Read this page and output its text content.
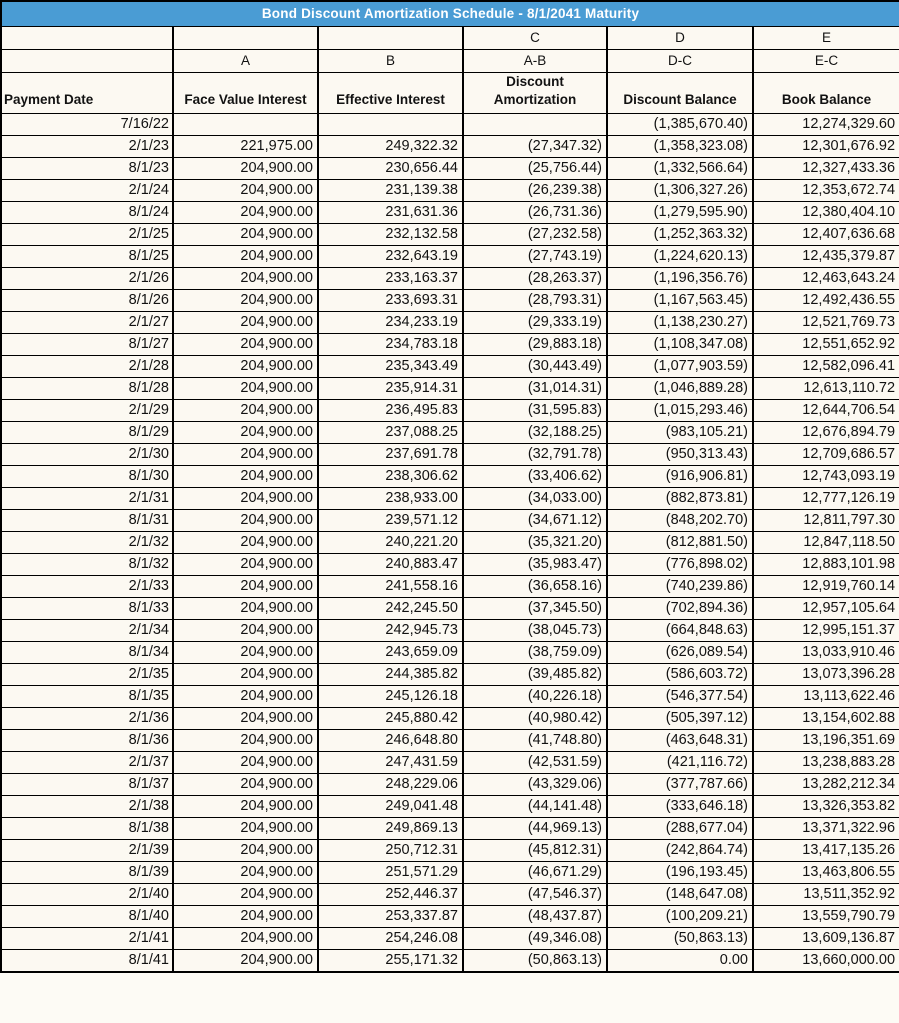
Bond Discount Amortization Schedule - 8/1/2041 Maturity					
			C	D	E
	A	B	A-B	D-C	E-C
Payment Date	Face Value Interest	Effective Interest	Discount Amortization	Discount Balance	Book Balance
7/16/22				(1,385,670.40)	12,274,329.60
2/1/23	221,975.00	249,322.32	(27,347.32)	(1,358,323.08)	12,301,676.92
8/1/23	204,900.00	230,656.44	(25,756.44)	(1,332,566.64)	12,327,433.36
2/1/24	204,900.00	231,139.38	(26,239.38)	(1,306,327.26)	12,353,672.74
8/1/24	204,900.00	231,631.36	(26,731.36)	(1,279,595.90)	12,380,404.10
2/1/25	204,900.00	232,132.58	(27,232.58)	(1,252,363.32)	12,407,636.68
8/1/25	204,900.00	232,643.19	(27,743.19)	(1,224,620.13)	12,435,379.87
2/1/26	204,900.00	233,163.37	(28,263.37)	(1,196,356.76)	12,463,643.24
8/1/26	204,900.00	233,693.31	(28,793.31)	(1,167,563.45)	12,492,436.55
2/1/27	204,900.00	234,233.19	(29,333.19)	(1,138,230.27)	12,521,769.73
8/1/27	204,900.00	234,783.18	(29,883.18)	(1,108,347.08)	12,551,652.92
2/1/28	204,900.00	235,343.49	(30,443.49)	(1,077,903.59)	12,582,096.41
8/1/28	204,900.00	235,914.31	(31,014.31)	(1,046,889.28)	12,613,110.72
2/1/29	204,900.00	236,495.83	(31,595.83)	(1,015,293.46)	12,644,706.54
8/1/29	204,900.00	237,088.25	(32,188.25)	(983,105.21)	12,676,894.79
2/1/30	204,900.00	237,691.78	(32,791.78)	(950,313.43)	12,709,686.57
8/1/30	204,900.00	238,306.62	(33,406.62)	(916,906.81)	12,743,093.19
2/1/31	204,900.00	238,933.00	(34,033.00)	(882,873.81)	12,777,126.19
8/1/31	204,900.00	239,571.12	(34,671.12)	(848,202.70)	12,811,797.30
2/1/32	204,900.00	240,221.20	(35,321.20)	(812,881.50)	12,847,118.50
8/1/32	204,900.00	240,883.47	(35,983.47)	(776,898.02)	12,883,101.98
2/1/33	204,900.00	241,558.16	(36,658.16)	(740,239.86)	12,919,760.14
8/1/33	204,900.00	242,245.50	(37,345.50)	(702,894.36)	12,957,105.64
2/1/34	204,900.00	242,945.73	(38,045.73)	(664,848.63)	12,995,151.37
8/1/34	204,900.00	243,659.09	(38,759.09)	(626,089.54)	13,033,910.46
2/1/35	204,900.00	244,385.82	(39,485.82)	(586,603.72)	13,073,396.28
8/1/35	204,900.00	245,126.18	(40,226.18)	(546,377.54)	13,113,622.46
2/1/36	204,900.00	245,880.42	(40,980.42)	(505,397.12)	13,154,602.88
8/1/36	204,900.00	246,648.80	(41,748.80)	(463,648.31)	13,196,351.69
2/1/37	204,900.00	247,431.59	(42,531.59)	(421,116.72)	13,238,883.28
8/1/37	204,900.00	248,229.06	(43,329.06)	(377,787.66)	13,282,212.34
2/1/38	204,900.00	249,041.48	(44,141.48)	(333,646.18)	13,326,353.82
8/1/38	204,900.00	249,869.13	(44,969.13)	(288,677.04)	13,371,322.96
2/1/39	204,900.00	250,712.31	(45,812.31)	(242,864.74)	13,417,135.26
8/1/39	204,900.00	251,571.29	(46,671.29)	(196,193.45)	13,463,806.55
2/1/40	204,900.00	252,446.37	(47,546.37)	(148,647.08)	13,511,352.92
8/1/40	204,900.00	253,337.87	(48,437.87)	(100,209.21)	13,559,790.79
2/1/41	204,900.00	254,246.08	(49,346.08)	(50,863.13)	13,609,136.87
8/1/41	204,900.00	255,171.32	(50,863.13)	0.00	13,660,000.00
